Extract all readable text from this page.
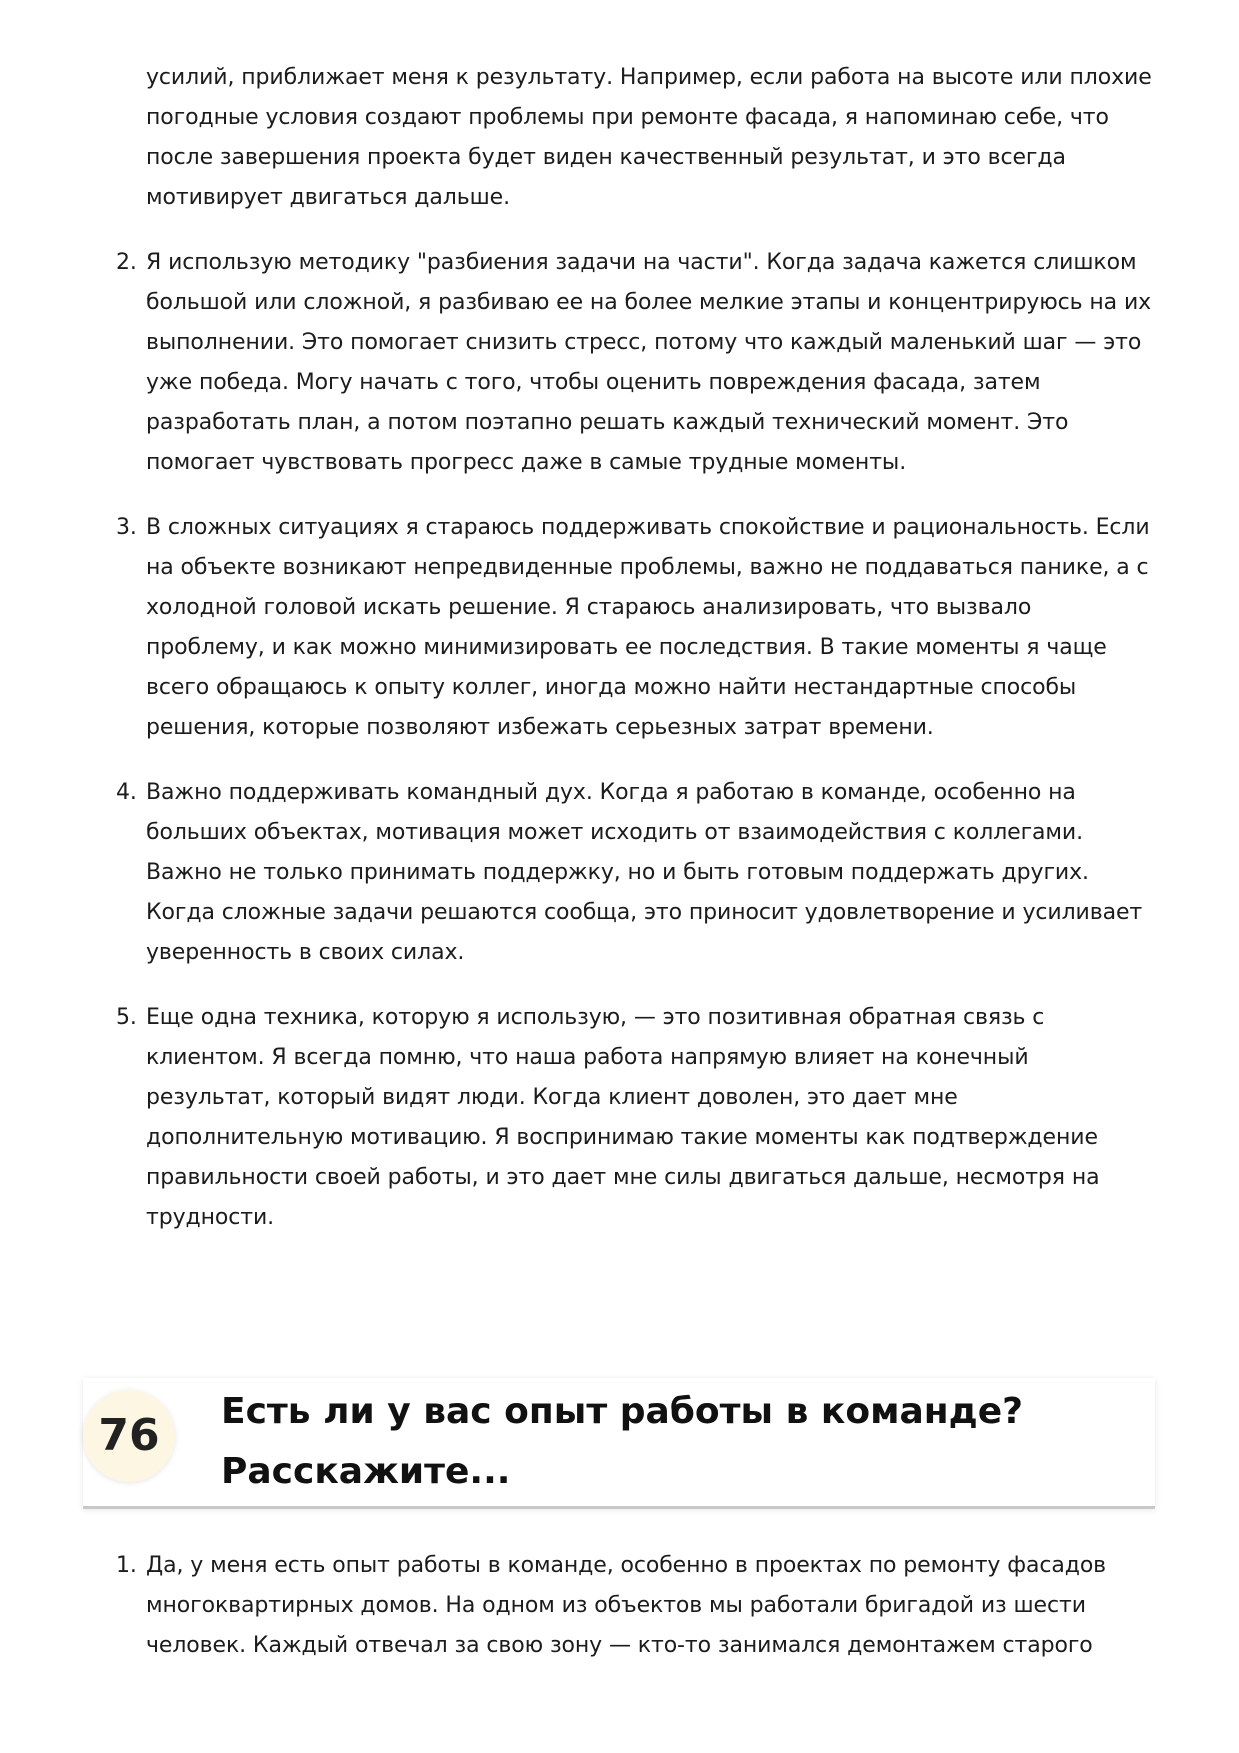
усилий, приближает меня к результату. Например, если работа на высоте или плохие погодные условия создают проблемы при ремонте фасада, я напоминаю себе, что после завершения проекта будет виден качественный результат, и это всегда мотивирует двигаться дальше.
2. Я использую методику "разбиения задачи на части". Когда задача кажется слишком большой или сложной, я разбиваю ее на более мелкие этапы и концентрируюсь на их выполнении. Это помогает снизить стресс, потому что каждый маленький шаг — это уже победа. Могу начать с того, чтобы оценить повреждения фасада, затем разработать план, а потом поэтапно решать каждый технический момент. Это помогает чувствовать прогресс даже в самые трудные моменты.
3. В сложных ситуациях я стараюсь поддерживать спокойствие и рациональность. Если на объекте возникают непредвиденные проблемы, важно не поддаваться панике, а с холодной головой искать решение. Я стараюсь анализировать, что вызвало проблему, и как можно минимизировать ее последствия. В такие моменты я чаще всего обращаюсь к опыту коллег, иногда можно найти нестандартные способы решения, которые позволяют избежать серьезных затрат времени.
4. Важно поддерживать командный дух. Когда я работаю в команде, особенно на больших объектах, мотивация может исходить от взаимодействия с коллегами. Важно не только принимать поддержку, но и быть готовым поддержать других. Когда сложные задачи решаются сообща, это приносит удовлетворение и усиливает уверенность в своих силах.
5. Еще одна техника, которую я использую, — это позитивная обратная связь с клиентом. Я всегда помню, что наша работа напрямую влияет на конечный результат, который видят люди. Когда клиент доволен, это дает мне дополнительную мотивацию. Я воспринимаю такие моменты как подтверждение правильности своей работы, и это дает мне силы двигаться дальше, несмотря на трудности.
76	Есть ли у вас опыт работы в команде? Расскажите...
1. Да, у меня есть опыт работы в команде, особенно в проектах по ремонту фасадов многоквартирных домов. На одном из объектов мы работали бригадой из шести человек. Каждый отвечал за свою зону — кто-то занимался демонтажем старого
